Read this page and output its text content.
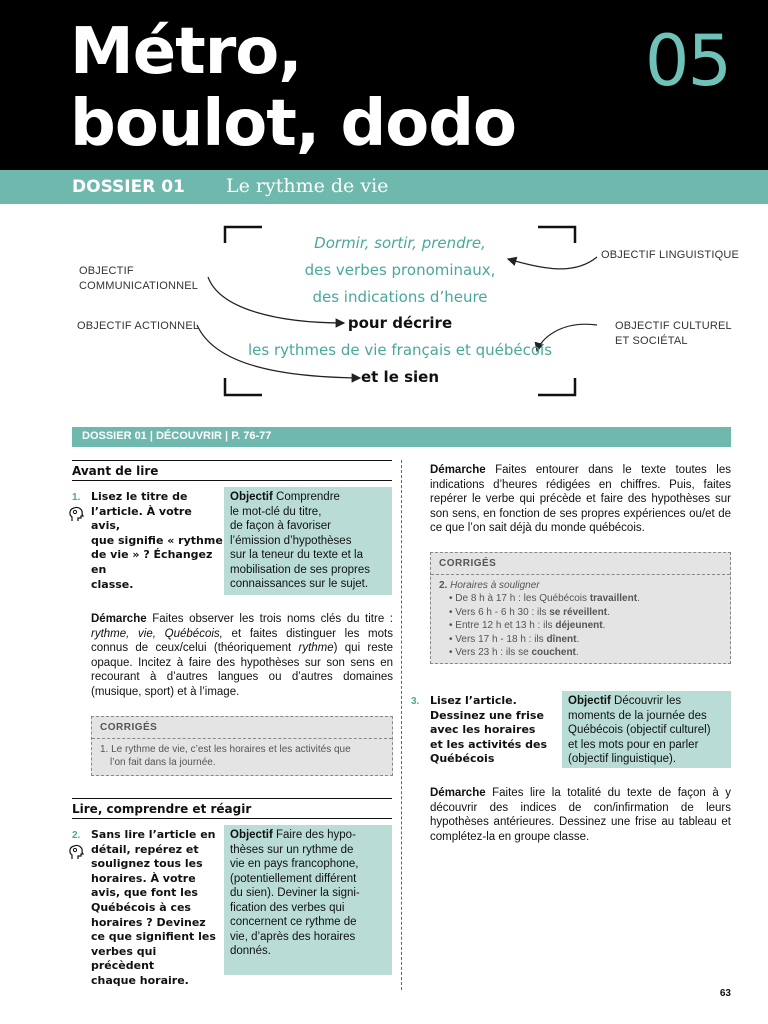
Métro,
boulot, dodo
05
DOSSIER 01 Le rythme de vie
OBJECTIF
COMMUNICATIONNEL
OBJECTIF ACTIONNEL
OBJECTIF LINGUISTIQUE
OBJECTIF CULTUREL
ET SOCIÉTAL
Dormir, sortir, prendre,
des verbes pronominaux,
des indications d’heure
pour décrire
les rythmes de vie français et québécois
et le sien
DOSSIER 01 | DÉCOUVRIR | P. 76-77
Avant de lire
1. Lisez le titre de
l’article. À votre avis,
que signifie « rythme
de vie » ? Échangez en
classe.
Objectif Comprendre
le mot-clé du titre,
de façon à favoriser
l’émission d’hypothèses
sur la teneur du texte et la
mobilisation de ses propres
connaissances sur le sujet.
Démarche Faites observer les trois noms clés du titre : rythme, vie, Québécois, et faites distinguer les mots connus de ceux/celui (théoriquement rythme) qui reste opaque. Incitez à faire des hypothèses sur son sens en recourant à d’autres langues ou d’autres domaines (musique, sport) et à l’image.
CORRIGÉS
1. Le rythme de vie, c’est les horaires et les activités que
l’on fait dans la journée.
Lire, comprendre et réagir
2. Sans lire l’article en
détail, repérez et
soulignez tous les
horaires. À votre
avis, que font les
Québécois à ces
horaires ? Devinez
ce que signifient les
verbes qui précèdent
chaque horaire.
Objectif Faire des hypo-
thèses sur un rythme de
vie en pays francophone,
(potentiellement différent
du sien). Deviner la signi-
fication des verbes qui
concernent ce rythme de
vie, d’après des horaires
donnés.
Démarche Faites entourer dans le texte toutes les indications d’heures rédigées en chiffres. Puis, faites repérer le verbe qui précède et faire des hypothèses sur son sens, en fonction de ses propres expériences ou/et de ce que l’on sait déjà du monde québécois.
CORRIGÉS
2. Horaires à souligner
• De 8 h à 17 h : les Québécois travaillent.
• Vers 6 h - 6 h 30 : ils se réveillent.
• Entre 12 h et 13 h : ils déjeunent.
• Vers 17 h - 18 h : ils dînent.
• Vers 23 h : ils se couchent.
3. Lisez l’article.
Dessinez une frise
avec les horaires
et les activités des
Québécois
Objectif Découvrir les
moments de la journée des
Québécois (objectif culturel)
et les mots pour en parler
(objectif linguistique).
Démarche Faites lire la totalité du texte de façon à y découvrir des indices de con/infirmation de leurs hypothèses antérieures. Dessinez une frise au tableau et complétez-la en groupe classe.
63
